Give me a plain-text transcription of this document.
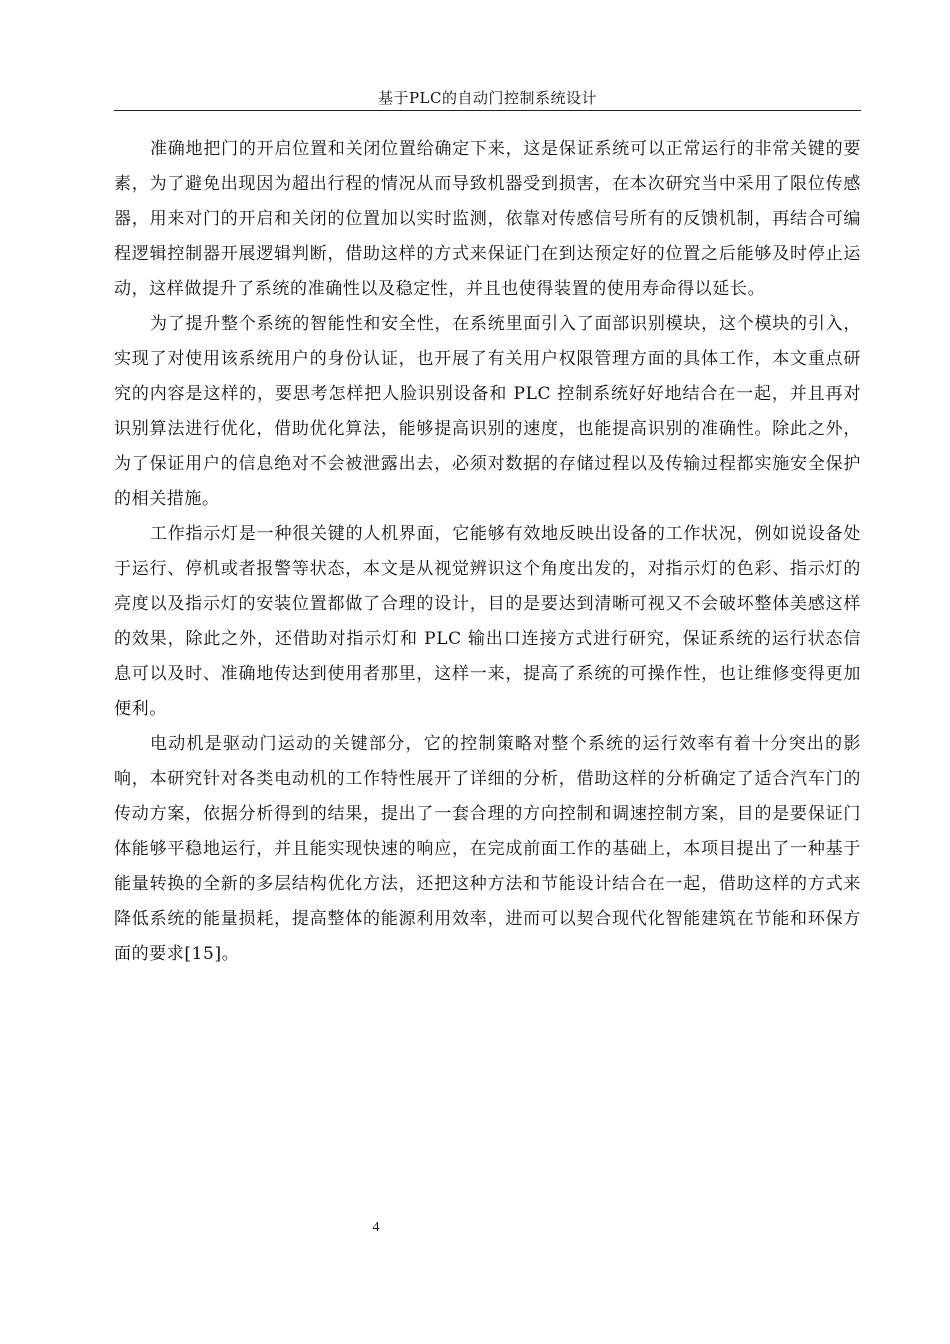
基于PLC的自动门控制系统设计

准确地把门的开启位置和关闭位置给确定下来，这是保证系统可以正常运行的非常关键的要素，为了避免出现因为超出行程的情况从而导致机器受到损害，在本次研究当中采用了限位传感器，用来对门的开启和关闭的位置加以实时监测，依靠对传感信号所有的反馈机制，再结合可编程逻辑控制器开展逻辑判断，借助这样的方式来保证门在到达预定好的位置之后能够及时停止运动，这样做提升了系统的准确性以及稳定性，并且也使得装置的使用寿命得以延长。

为了提升整个系统的智能性和安全性，在系统里面引入了面部识别模块，这个模块的引入，实现了对使用该系统用户的身份认证，也开展了有关用户权限管理方面的具体工作，本文重点研究的内容是这样的，要思考怎样把人脸识别设备和 PLC 控制系统好好地结合在一起，并且再对识别算法进行优化，借助优化算法，能够提高识别的速度，也能提高识别的准确性。除此之外，为了保证用户的信息绝对不会被泄露出去，必须对数据的存储过程以及传输过程都实施安全保护的相关措施。

工作指示灯是一种很关键的人机界面，它能够有效地反映出设备的工作状况，例如说设备处于运行、停机或者报警等状态，本文是从视觉辨识这个角度出发的，对指示灯的色彩、指示灯的亮度以及指示灯的安装位置都做了合理的设计，目的是要达到清晰可视又不会破坏整体美感这样的效果，除此之外，还借助对指示灯和 PLC 输出口连接方式进行研究，保证系统的运行状态信息可以及时、准确地传达到使用者那里，这样一来，提高了系统的可操作性，也让维修变得更加便利。

电动机是驱动门运动的关键部分，它的控制策略对整个系统的运行效率有着十分突出的影响，本研究针对各类电动机的工作特性展开了详细的分析，借助这样的分析确定了适合汽车门的传动方案，依据分析得到的结果，提出了一套合理的方向控制和调速控制方案，目的是要保证门体能够平稳地运行，并且能实现快速的响应，在完成前面工作的基础上，本项目提出了一种基于能量转换的全新的多层结构优化方法，还把这种方法和节能设计结合在一起，借助这样的方式来降低系统的能量损耗，提高整体的能源利用效率，进而可以契合现代化智能建筑在节能和环保方面的要求[15]。

4
